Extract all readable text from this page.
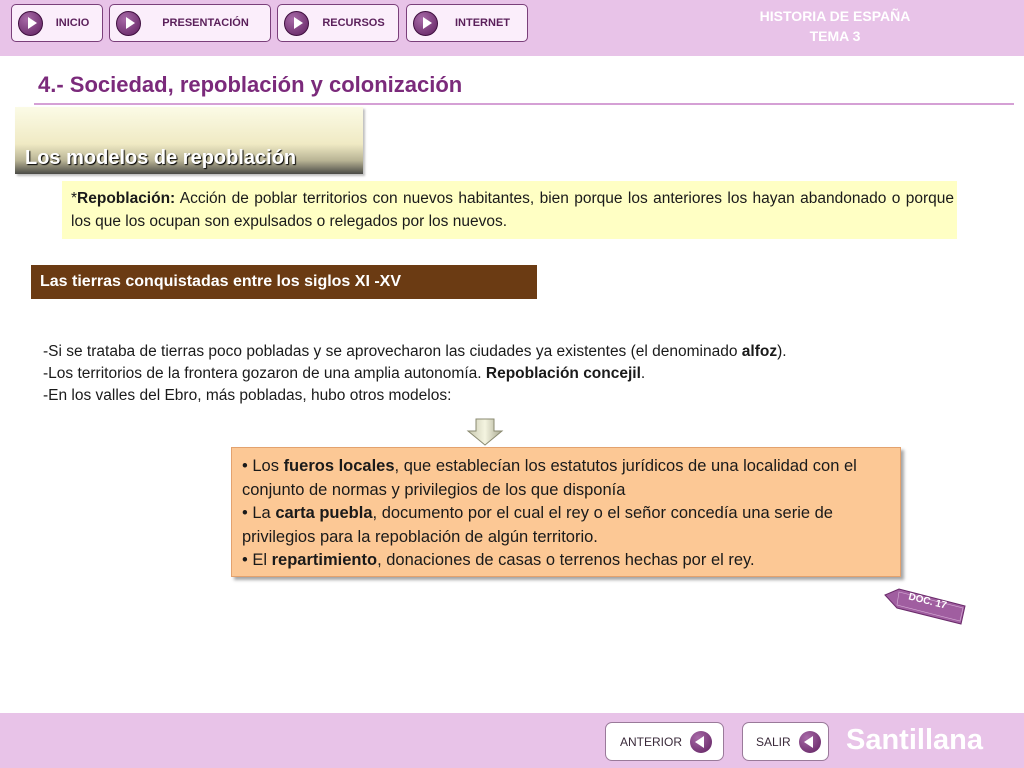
INICIO	PRESENTACIÓN	RECURSOS	INTERNET	HISTORIA DE ESPAÑA
TEMA 3
4.- Sociedad, repoblación y colonización
Los modelos de repoblación
*Repoblación: Acción de poblar territorios con nuevos habitantes, bien porque los anteriores los hayan abandonado o porque los que los ocupan son expulsados o relegados por los nuevos.
Las tierras conquistadas entre los siglos XI -XV
-Si se trataba de tierras poco pobladas y se aprovecharon las ciudades ya existentes (el denominado alfoz).
-Los territorios de la frontera gozaron de una amplia autonomía. Repoblación concejil.
-En los valles del Ebro, más pobladas, hubo otros modelos:
• Los fueros locales, que establecían los estatutos jurídicos de una localidad con el conjunto de normas y privilegios de los que disponía
• La carta puebla, documento por el cual el rey o el señor concedía una serie de privilegios para la repoblación de algún territorio.
• El repartimiento, donaciones de casas o terrenos hechas por el rey.
DOC. 17
ANTERIOR	SALIR Santillana
